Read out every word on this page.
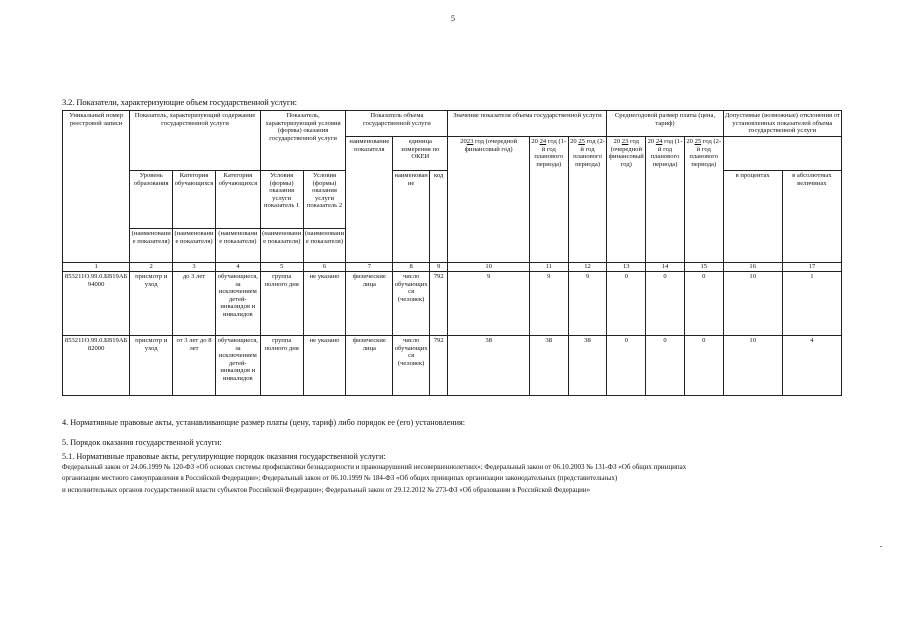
5
3.2. Показатели, характеризующие объем государственной услуги:
Уникальный номер реестровой записи	Показатель, характеризующий содержание государственной услуги			Показатель, характеризующий условия (формы) оказания государственной услуги		Показатель объема государственной услуги			Значение показателя объема государственной услуги			Среднегодовой размер платы (цена, тариф)			Допустимые (возможные) отклонения от установленных показателей объема государственной услуги	
						наименование показателя	единица измерения по ОКЕИ		2023 год (очередной финансовый год)	20 24 год (1-й год планового периода)	20 25 год (2-й год планового периода)	20 23 год (очередной финансовый год)	20 24 год (1-й год планового периода)	20 25 год (2-й год планового периода)		
	Уровень образования	Категория обучающихся	Категория обучающихся	Условия (формы) оказания услуги показатель 1	Условия (формы) оказания услуги показатель 2		наименование	код							в процентах	в абсолютных величинах
	(наименование показателя)	(наименование показателя)	(наименование показателя)	(наименование показателя)	(наименование показателя)											
1	2	3	4	5	6	7	8	9	10	11	12	13	14	15	16	17
853211О.99.0.БВ19АБ94000	присмотр и уход	до 3 лет	обучающиеся, за исключением детей-инвалидов и инвалидов	группа полного дня	не указано	физические лица	число обучающихся (человек)	792	9	9	9	0	0	0	10	1
853211О.99.0.БВ19АБ82000	присмотр и уход	от 3 лет до 8 лет	обучающиеся, за исключением детей-инвалидов и инвалидов	группа полного дня	не указано	физические лица	число обучающихся (человек)	792	38	38	38	0	0	0	10	4
4. Нормативные правовые акты, устанавливающие размер платы (цену, тариф) либо порядок ее (его) установления:
5. Порядок оказания государственной услуги:
5.1. Нормативные правовые акты, регулирующие порядок оказания государственной услуги:
Федеральный закон от 24.06.1999 № 120-ФЗ «Об основах системы профилактики безнадзорности и правонарушений несовершеннолетних»; Федеральный закон от 06.10.2003 № 131-ФЗ «Об общих принципах
организации местного самоуправления в Российской Федерации»; Федеральный закон от 06.10.1999 № 184-ФЗ «Об общих принципах организации законодательных (представительных)
и исполнительных органов государственной власти субъектов Российской Федерации»; Федеральный закон от 29.12.2012 № 273-ФЗ «Об образовании в Российской Федерации»
